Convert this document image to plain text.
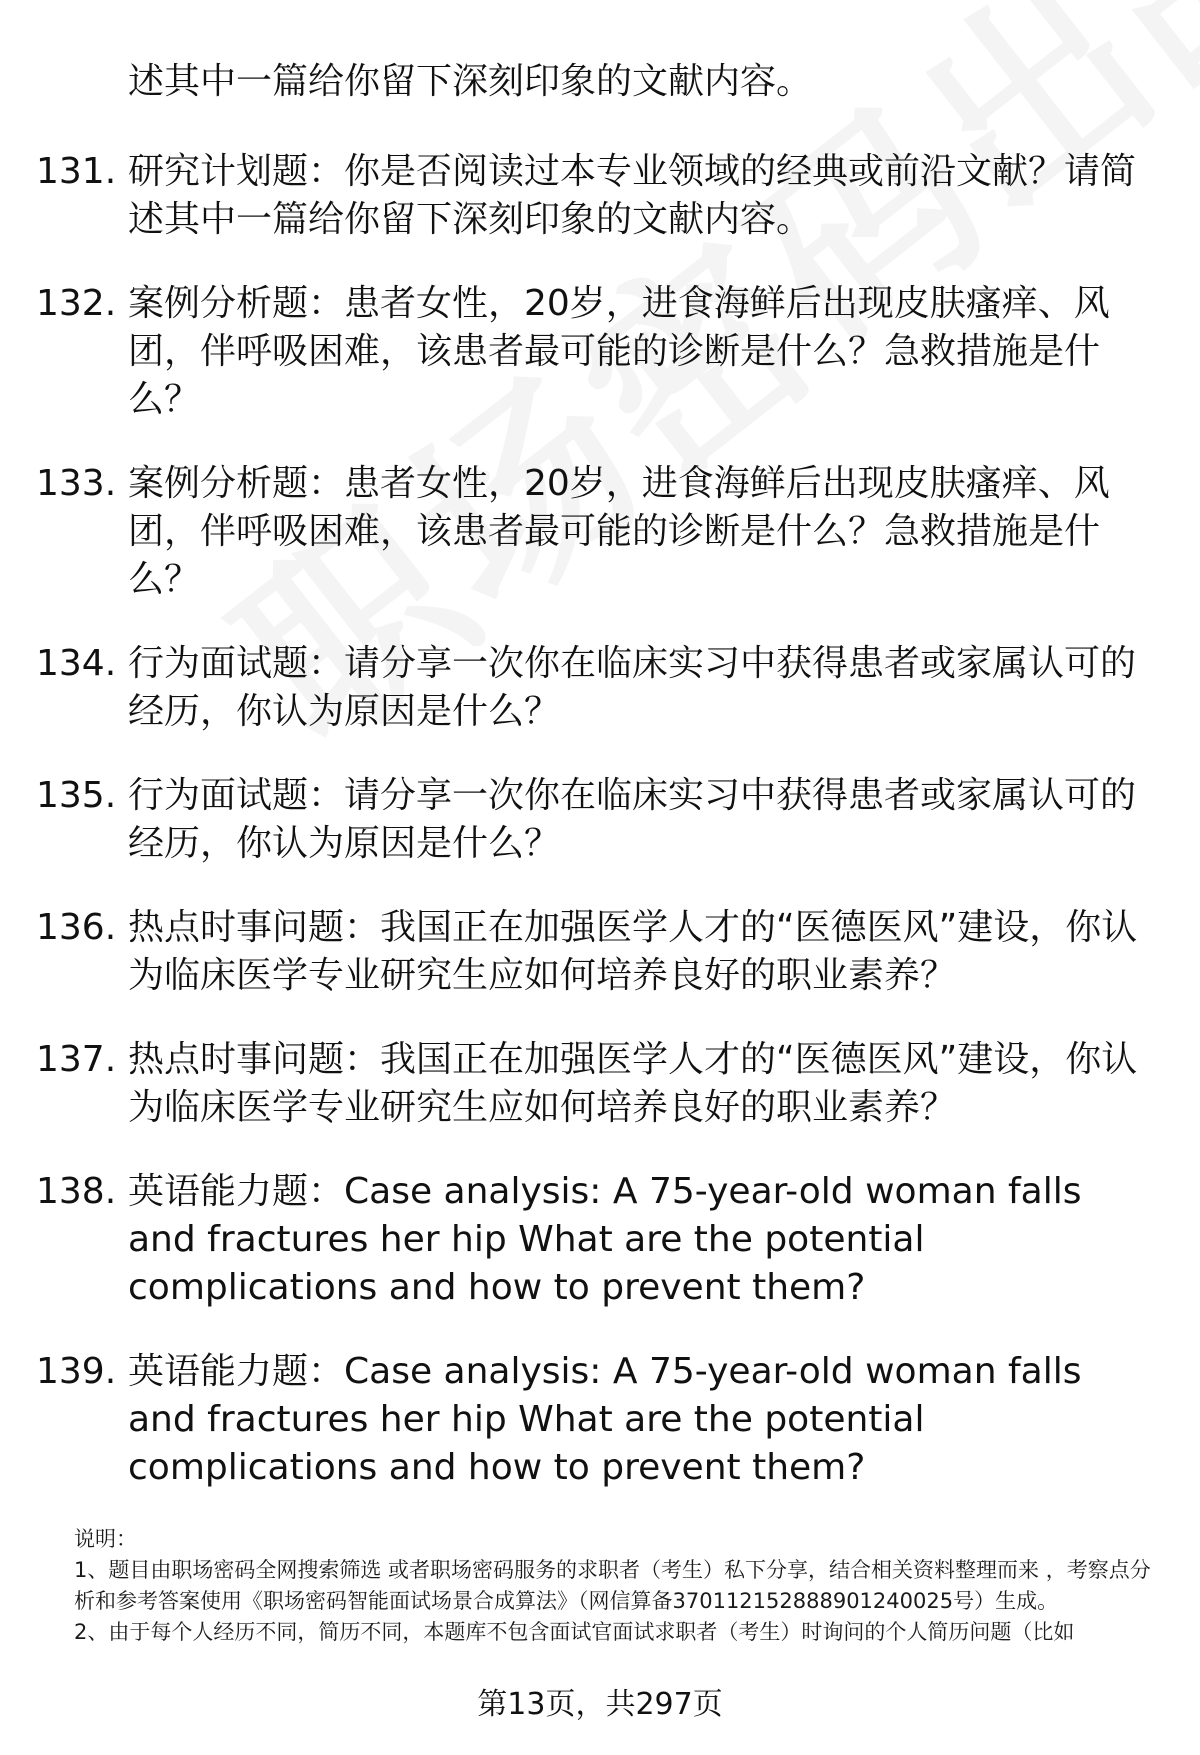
述其中一篇给你留下深刻印象的文献内容。
131. 研究计划题：你是否阅读过本专业领域的经典或前沿文献？请简述其中一篇给你留下深刻印象的文献内容。
132. 案例分析题：患者女性，20岁，进食海鲜后出现皮肤瘙痒、风团，伴呼吸困难，该患者最可能的诊断是什么？急救措施是什么？
133. 案例分析题：患者女性，20岁，进食海鲜后出现皮肤瘙痒、风团，伴呼吸困难，该患者最可能的诊断是什么？急救措施是什么？
134. 行为面试题：请分享一次你在临床实习中获得患者或家属认可的经历，你认为原因是什么？
135. 行为面试题：请分享一次你在临床实习中获得患者或家属认可的经历，你认为原因是什么？
136. 热点时事问题：我国正在加强医学人才的“医德医风”建设，你认为临床医学专业研究生应如何培养良好的职业素养？
137. 热点时事问题：我国正在加强医学人才的“医德医风”建设，你认为临床医学专业研究生应如何培养良好的职业素养？
138. 英语能力题：Case analysis: A 75-year-old woman falls and fractures her hip What are the potential complications and how to prevent them?
139. 英语能力题：Case analysis: A 75-year-old woman falls and fractures her hip What are the potential complications and how to prevent them?

说明：

1、题目由职场密码全网搜索筛选 或者职场密码服务的求职者（考生）私下分享，结合相关资料整理而来 ，考察点分析和参考答案使用《职场密码智能面试场景合成算法》（网信算备370112152888901240025号）生成。

2、由于每个人经历不同，简历不同，本题库不包含面试官面试求职者（考生）时询问的个人简历问题（比如

第13页，共297页
